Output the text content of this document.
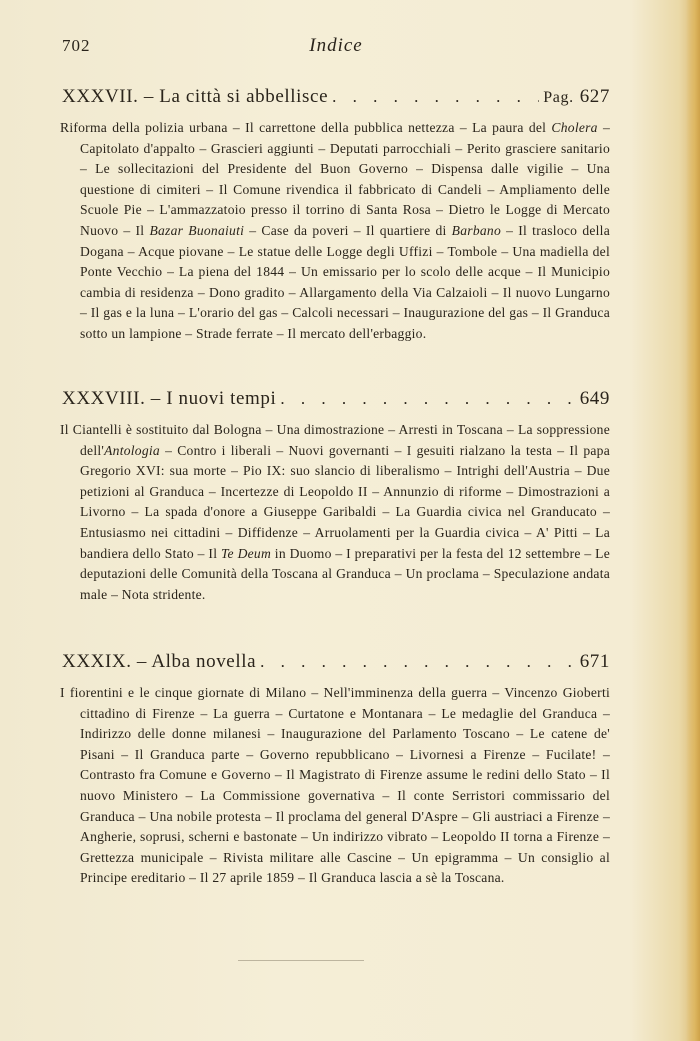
702	Indice
XXXVII. – La città si abbellisce . . .	Pag. 627
Riforma della polizia urbana – Il carrettone della pubblica nettezza – La paura del Cholera – Capitolato d'appalto – Grascieri aggiunti – Deputati parrocchiali – Perito grasciere sanitario – Le sollecitazioni del Presidente del Buon Governo – Dispensa dalle vigilie – Una questione di cimiteri – Il Comune rivendica il fabbricato di Candeli – Ampliamento delle Scuole Pie – L'ammazzatoio presso il torrino di Santa Rosa – Dietro le Logge di Mercato Nuovo – Il Bazar Buonaiuti – Case da poveri – Il quartiere di Barbano – Il trasloco della Dogana – Acque piovane – Le statue delle Logge degli Uffizi – Tombole – Una madiella del Ponte Vecchio – La piena del 1844 – Un emissario per lo scolo delle acque – Il Municipio cambia di residenza – Dono gradito – Allargamento della Via Calzaioli – Il nuovo Lungarno – Il gas e la luna – L'orario del gas – Calcoli necessari – Inaugurazione del gas – Il Granduca sotto un lampione – Strade ferrate – Il mercato dell'erbaggio.
XXXVIII. – I nuovi tempi . . .	649
Il Ciantelli è sostituito dal Bologna – Una dimostrazione – Arresti in Toscana – La soppressione dell'Antologia – Contro i liberali – Nuovi governanti – I gesuiti rialzano la testa – Il papa Gregorio XVI: sua morte – Pio IX: suo slancio di liberalismo – Intrighi dell'Austria – Due petizioni al Granduca – Incertezze di Leopoldo II – Annunzio di riforme – Dimostrazioni a Livorno – La spada d'onore a Giuseppe Garibaldi – La Guardia civica nel Granducato – Entusiasmo nei cittadini – Diffidenze – Arruolamenti per la Guardia civica – A' Pitti – La bandiera dello Stato – Il Te Deum in Duomo – I preparativi per la festa del 12 settembre – Le deputazioni delle Comunità della Toscana al Granduca – Un proclama – Speculazione andata male – Nota stridente.
XXXIX. – Alba novella . . .	671
I fiorentini e le cinque giornate di Milano – Nell'imminenza della guerra – Vincenzo Gioberti cittadino di Firenze – La guerra – Curtatone e Montanara – Le medaglie del Granduca – Indirizzo delle donne milanesi – Inaugurazione del Parlamento Toscano – Le catene de' Pisani – Il Granduca parte – Governo repubblicano – Livornesi a Firenze – Fucilate! – Contrasto fra Comune e Governo – Il Magistrato di Firenze assume le redini dello Stato – Il nuovo Ministero – La Commissione governativa – Il conte Serristori commissario del Granduca – Una nobile protesta – Il proclama del general D'Aspre – Gli austriaci a Firenze – Angherie, soprusi, scherni e bastonate – Un indirizzo vibrato – Leopoldo II torna a Firenze – Grettezza municipale – Rivista militare alle Cascine – Un epigramma – Un consiglio al Principe ereditario – Il 27 aprile 1859 – Il Granduca lascia a sè la Toscana.
